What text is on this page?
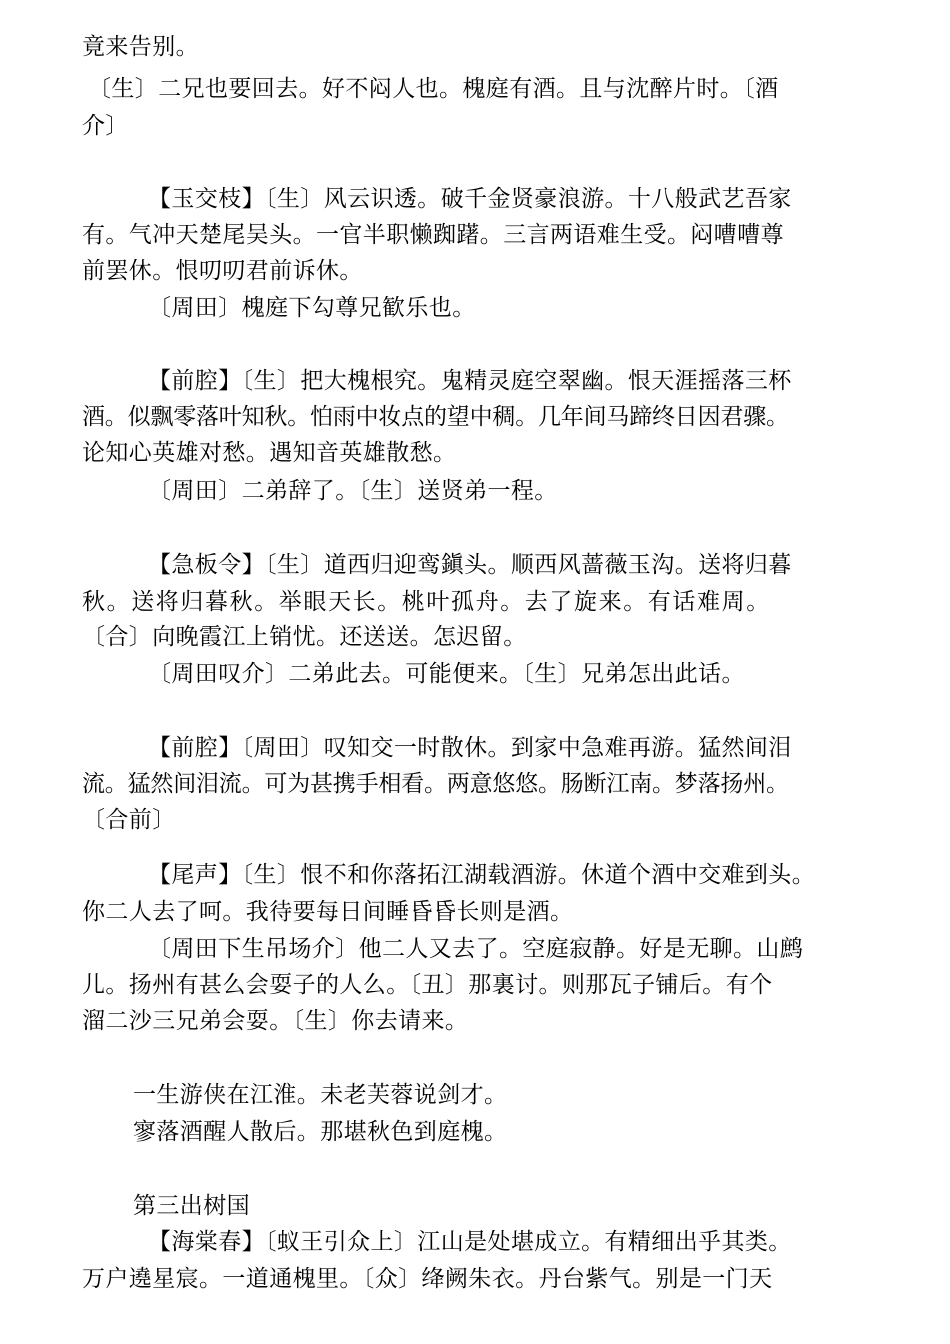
竟来告别。
〔生〕二兄也要回去。好不闷人也。槐庭有酒。且与沈醉片时。〔酒
介〕
【玉交枝】〔生〕风云识透。破千金贤豪浪游。十八般武艺吾家
有。气冲天楚尾吴头。一官半职懒踟躇。三言两语难生受。闷嘈嘈尊
前罢休。恨叨叨君前诉休。
〔周田〕槐庭下勾尊兄歓乐也。
【前腔】〔生〕把大槐根究。鬼精灵庭空翠幽。恨天涯摇落三杯
酒。似飘零落叶知秋。怕雨中妆点的望中稠。几年间马蹄终日因君骤。
论知心英雄对愁。遇知音英雄散愁。
〔周田〕二弟辞了。〔生〕送贤弟一程。
【急板令】〔生〕道西归迎鸾鎭头。顺西风蔷薇玉沟。送将归暮
秋。送将归暮秋。举眼天长。桃叶孤舟。去了旋来。有话难周。
〔合〕向晚霞江上销忧。还送送。怎迟留。
〔周田叹介〕二弟此去。可能便来。〔生〕兄弟怎出此话。
【前腔】〔周田〕叹知交一时散休。到家中急难再游。猛然间泪
流。猛然间泪流。可为甚携手相看。两意悠悠。肠断江南。梦落扬州。
〔合前〕
【尾声】〔生〕恨不和你落拓江湖载酒游。休道个酒中交难到头。
你二人去了呵。我待要每日间睡昏昏长则是酒。
〔周田下生吊场介〕他二人又去了。空庭寂静。好是无聊。山鹧
儿。扬州有甚么会耍子的人么。〔丑〕那裏讨。则那瓦子铺后。有个
溜二沙三兄弟会耍。〔生〕你去请来。
一生游侠在江淮。未老芙蓉说剑才。
寥落酒醒人散后。那堪秋色到庭槐。
第三出树国
【海棠春】〔蚁王引众上〕江山是处堪成立。有精细出乎其类。
万户遶星宸。一道通槐里。〔众〕绛阙朱衣。丹台紫气。别是一门天
